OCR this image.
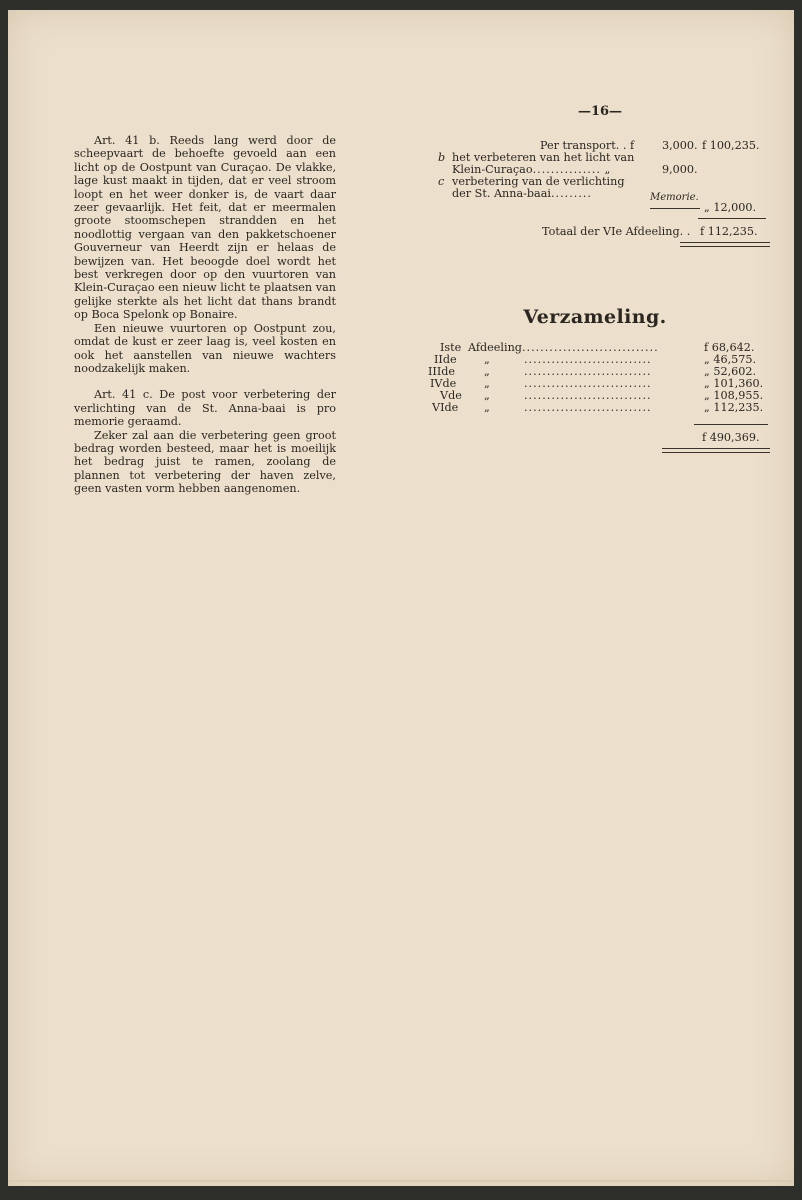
—16—

Art. 41 b. Reeds lang werd door de scheepvaart de behoefte gevoeld aan een licht op de Oostpunt van Curaçao. De vlakke, lage kust maakt in tijden, dat er veel stroom loopt en het weer donker is, de vaart daar zeer gevaarlijk. Het feit, dat er meermalen groote stoomschepen strandden en het noodlottig vergaan van den pakketschoener Gouverneur van Heerdt zijn er helaas de bewijzen van. Het beoogde doel wordt het best verkregen door op den vuurtoren van Klein-Curaçao een nieuw licht te plaatsen van gelijke sterkte als het licht dat thans brandt op Boca Spelonk op Bonaire.

Een nieuwe vuurtoren op Oostpunt zou, omdat de kust er zeer laag is, veel kosten en ook het aanstellen van nieuwe wachters noodzakelijk maken.

Art. 41 c. De post voor verbetering der verlichting van de St. Anna-baai is pro memorie geraamd.

Zeker zal aan die verbetering geen groot bedrag worden besteed, maar het is moeilijk het bedrag juist te ramen, zoolang de plannen tot verbetering der haven zelve, geen vasten vorm hebben aangenomen.

Per transport. . f 3,000. f 100,235.
b het verbeteren van het licht van
Klein-Curaçao............... „	9,000.
c verbetering van de verlichting
der St. Anna-baai.........	Memorie.
„ 12,000.
Totaal der VIe Afdeeling. . f 112,235.
Verzameling.
Iste Afdeeling..............................	f 68,642.
IIde „	............................	„ 46,575.
IIIde	„	............................	„ 52,602.
IVde „	............................	„ 101,360.
Vde „	............................	„ 108,955.
VIde „	............................	„ 112,235.
f 490,369.
